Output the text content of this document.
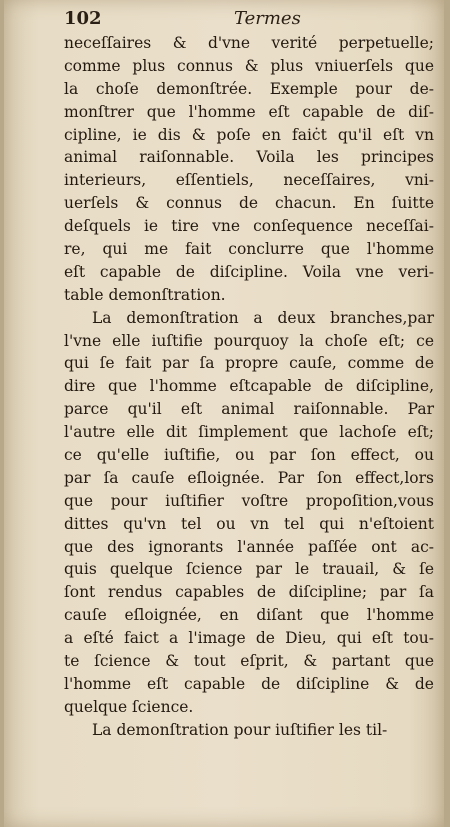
102	Termes
neceſſaires & d'vne verité perpetuelle;
comme plus connus & plus vniuerſels que
la choſe demonſtrée. Exemple pour de-
monſtrer que l'homme eſt capable de diſ-
cipline, ie dis & poſe en faiċt qu'il eſt vn
animal raiſonnable. Voila les principes
interieurs, eſſentiels, neceſſaires, vni-
uerſels & connus de chacun. En ſuitte
deſquels ie tire vne conſequence neceſſai-
re, qui me fait conclurre que l'homme
eſt capable de diſcipline. Voila vne veri-
table demonſtration.
La demonſtration a deux branches,par
l'vne elle iuſtifie pourquoy la choſe eſt; ce
qui ſe fait par ſa propre cauſe, comme de
dire que l'homme eſtcapable de diſcipline,
parce qu'il eſt animal raiſonnable. Par
l'autre elle dit ſimplement que lachoſe eſt;
ce qu'elle iuſtifie, ou par ſon effect, ou
par ſa cauſe eſloignée. Par ſon effect,lors
que pour iuſtifier voſtre propoſition,vous
dittes qu'vn tel ou vn tel qui n'eſtoient
que des ignorants l'année paſſée ont ac-
quis quelque ſcience par le trauail, & ſe
ſont rendus capables de diſcipline; par ſa
cauſe eſloignée, en diſant que l'homme
a eſté faict a l'image de Dieu, qui eſt tou-
te ſcience & tout eſprit, & partant que
l'homme eſt capable de diſcipline & de
quelque ſcience.
La demonſtration pour iuſtifier les til-
